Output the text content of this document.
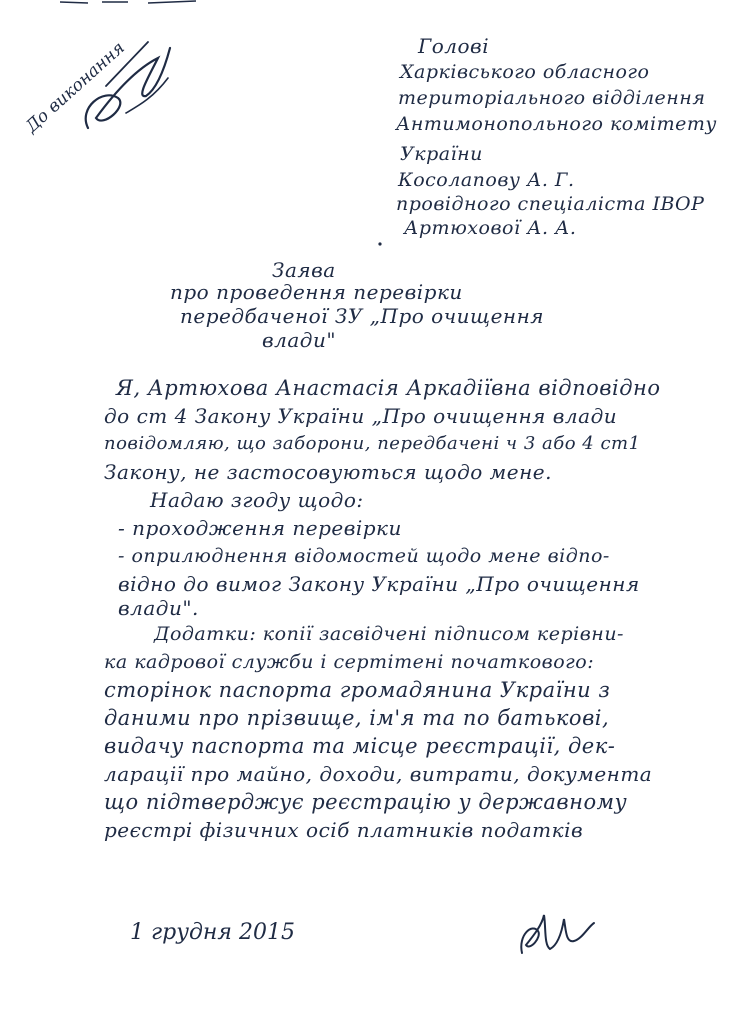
До виконання	Голові
Харківського обласного
територіального відділення
Антимонопольного комітету
України
Косолапову А. Г.
провідного спеціаліста ІВОР
Артюхової А. А.
Заява
про проведення перевірки
передбаченої ЗУ „Про очищення
влади"
Я, Артюхова Анастасія Аркадіївна відповідно
до ст 4 Закону України „Про очищення влади
повідомляю, що заборони, передбачені ч 3 або 4 ст1
Закону, не застосовуються щодо мене.
Надаю згоду щодо:
- проходження перевірки
- оприлюднення відомостей щодо мене відпо-
відно до вимог Закону України „Про очищення
влади".
Додатки: копії засвідчені підписом керівни-
ка кадрової служби і сертітені початкового:
сторінок паспорта громадянина України з
даними про прізвище, ім'я та по батькові,
видачу паспорта та місце реєстрації, дек-
ларації про майно, доходи, витрати, документа
що підтверджує реєстрацію у державному
реєстрі фізичних осіб платників податків
1 грудня 2015
